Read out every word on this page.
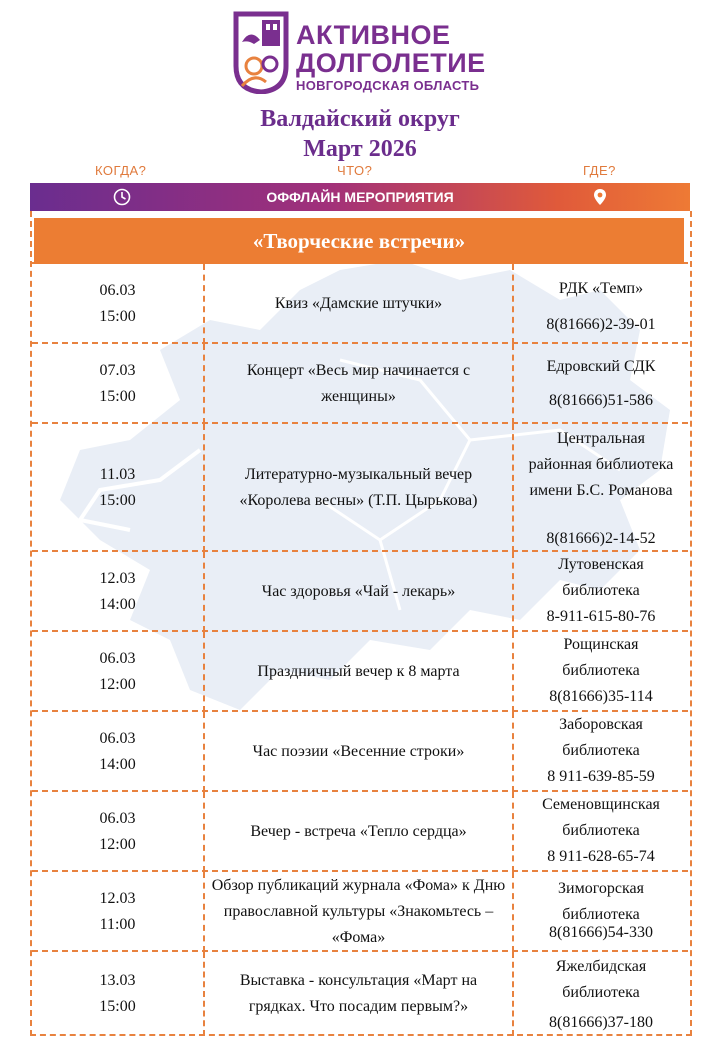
АКТИВНОЕ
ДОЛГОЛЕТИЕ
НОВГОРОДСКАЯ ОБЛАСТЬ
Валдайский округ
Март 2026
КОГДА?	ЧТО?	ГДЕ?
ОФФЛАЙН МЕРОПРИЯТИЯ
«Творческие встречи»
06.03
15:00
Квиз «Дамские штучки»
РДК «Темп»
8(81666)2-39-01
07.03
15:00
Концерт «Весь мир начинается с женщины»
Едровский СДК
8(81666)51-586
11.03
15:00
Литературно-музыкальный вечер «Королева весны» (Т.П. Цырькова)
Центральная районная библиотека имени Б.С. Романова
8(81666)2-14-52
12.03
14:00
Час здоровья «Чай - лекарь»
Лутовенская библиотека
8-911-615-80-76
06.03
12:00
Праздничный вечер к 8 марта
Рощинская библиотека
8(81666)35-114
06.03
14:00
Час поэзии «Весенние строки»
Заборовская библиотека
8 911-639-85-59
06.03
12:00
Вечер - встреча «Тепло сердца»
Семеновщинская библиотека
8 911-628-65-74
12.03
11:00
Обзор публикаций журнала «Фома» к Дню православной культуры «Знакомьтесь – «Фома»
Зимогорская библиотека
8(81666)54-330
13.03
15:00
Выставка - консультация «Март на грядках. Что посадим первым?»
Яжелбидская библиотека
8(81666)37-180
